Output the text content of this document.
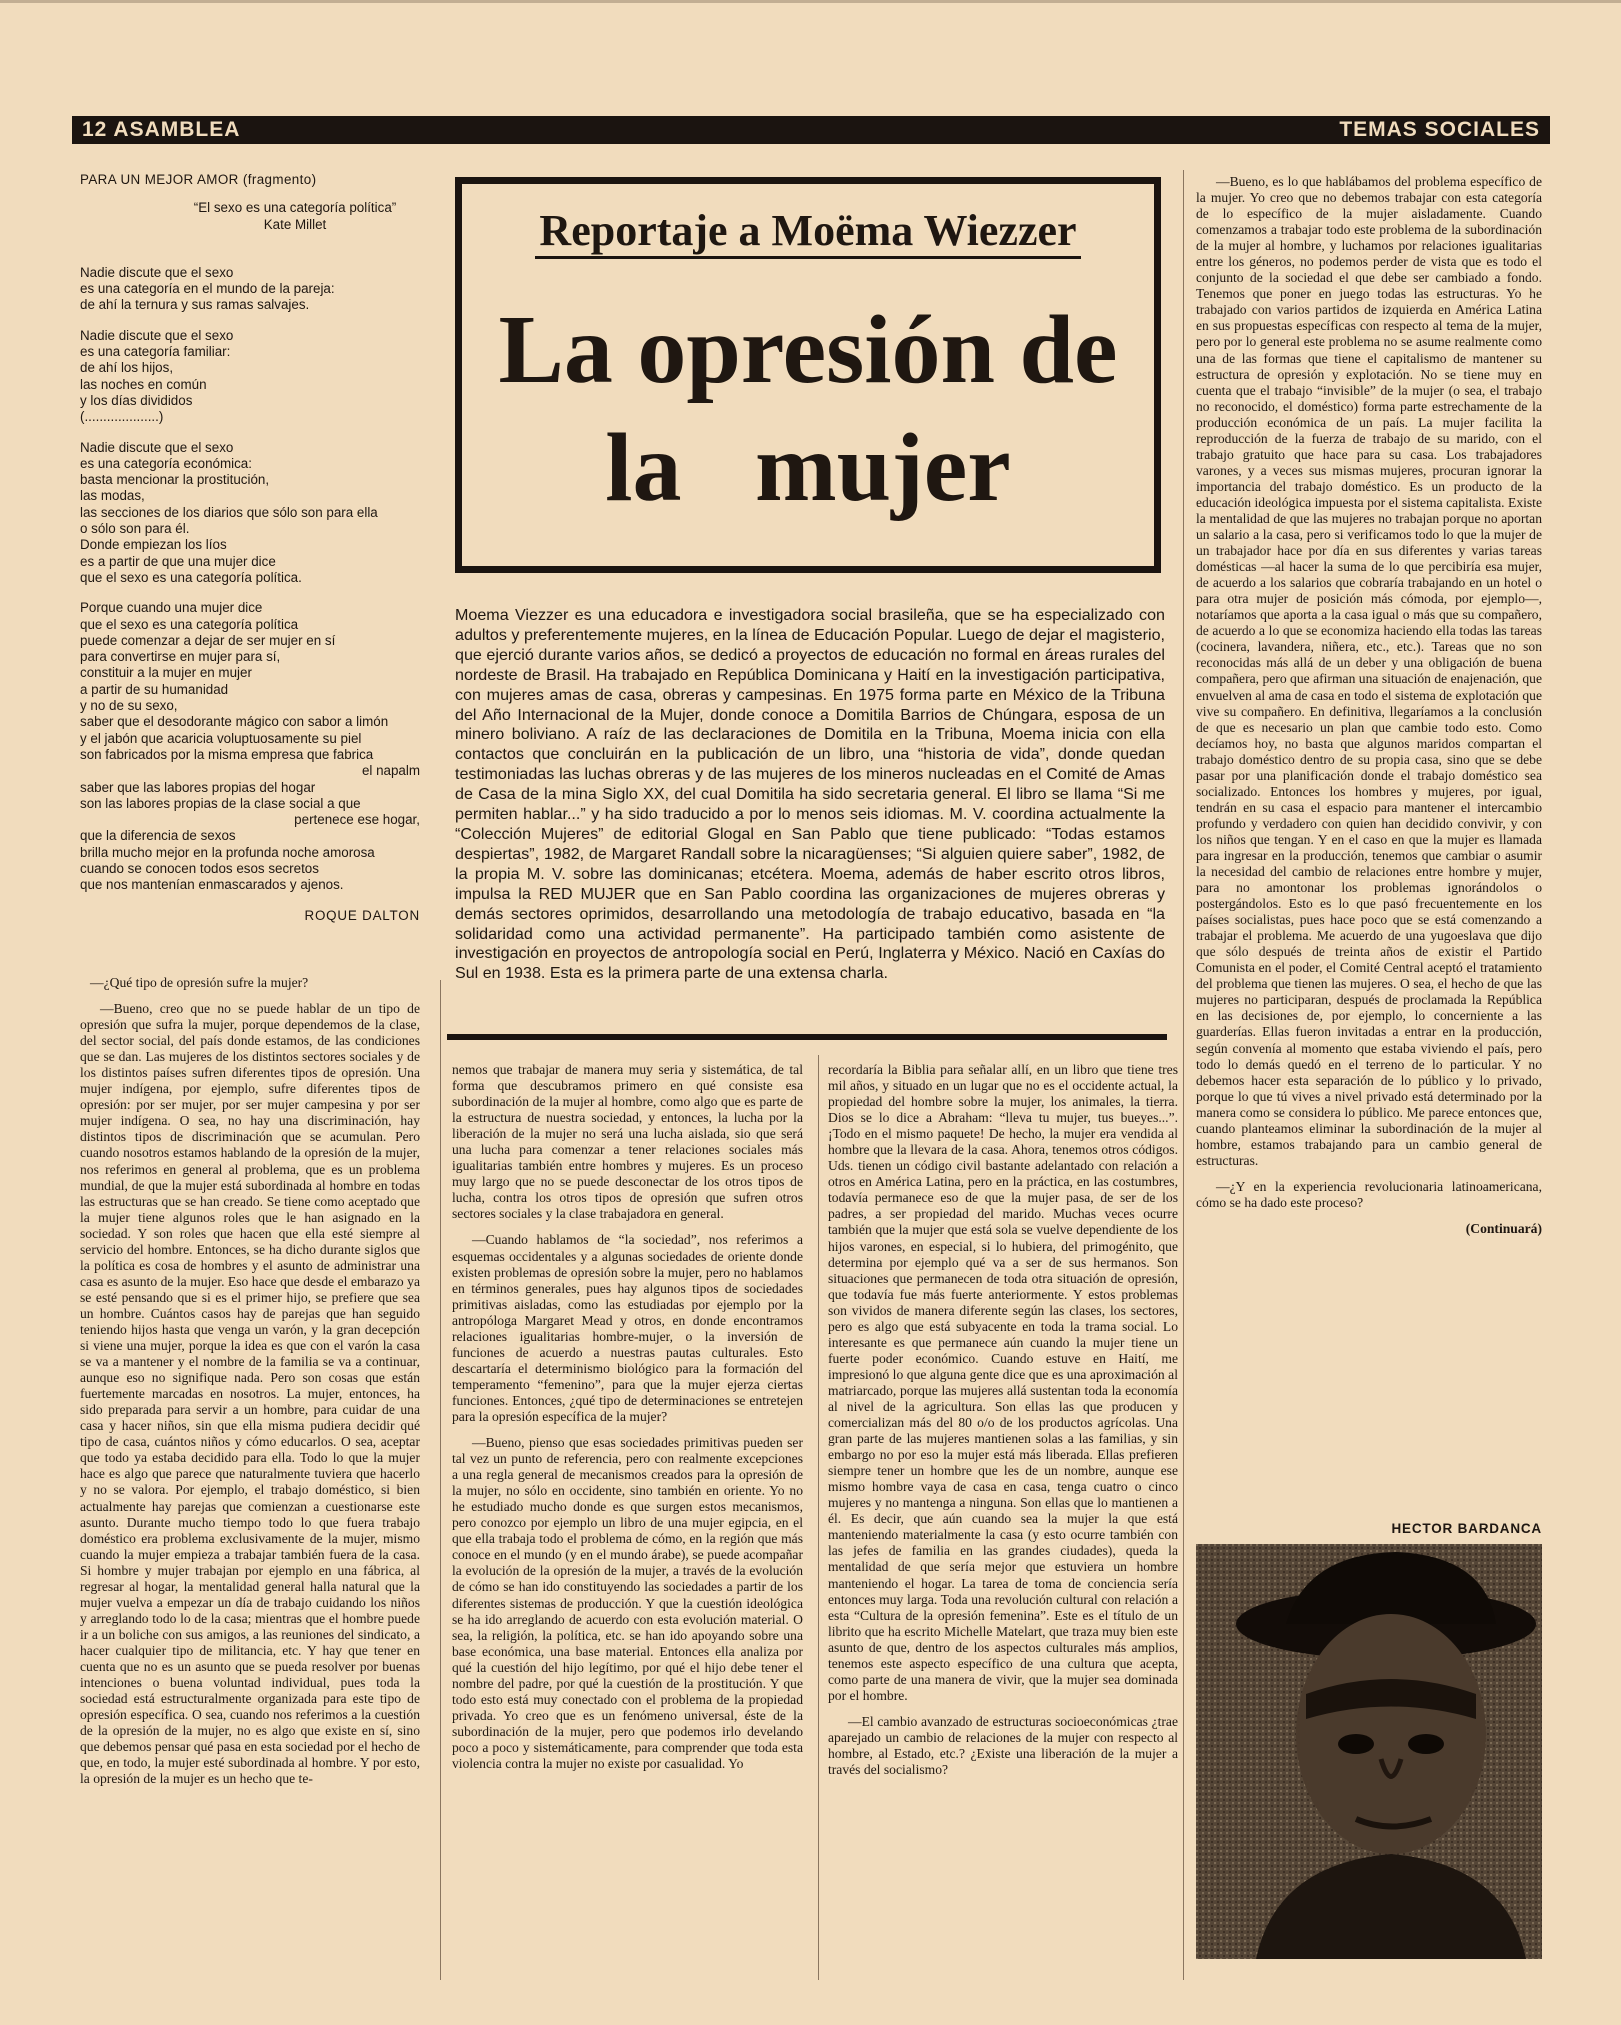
12 ASAMBLEA	TEMAS SOCIALES
PARA UN MEJOR AMOR (fragmento)
“El sexo es una categoría política”
Kate Millet
Nadie discute que el sexo
es una categoría en el mundo de la pareja:
de ahí la ternura y sus ramas salvajes.
Nadie discute que el sexo
es una categoría familiar:
de ahí los hijos,
las noches en común
y los días divididos
(....................)
Nadie discute que el sexo
es una categoría económica:
basta mencionar la prostitución,
las modas,
las secciones de los diarios que sólo son para ella
o sólo son para él.
Donde empiezan los líos
es a partir de que una mujer dice
que el sexo es una categoría política.
Porque cuando una mujer dice
que el sexo es una categoría política
puede comenzar a dejar de ser mujer en sí
para convertirse en mujer para sí,
constituir a la mujer en mujer
a partir de su humanidad
y no de su sexo,
saber que el desodorante mágico con sabor a limón
y el jabón que acaricia voluptuosamente su piel
son fabricados por la misma empresa que fabrica
el napalm
saber que las labores propias del hogar
son las labores propias de la clase social a que
pertenece ese hogar,
que la diferencia de sexos
brilla mucho mejor en la profunda noche amorosa
cuando se conocen todos esos secretos
que nos mantenían enmascarados y ajenos.
ROQUE DALTON
Reportaje a Moëma Wiezzer
La opresión de
la   mujer
Moema Viezzer es una educadora e investigadora social brasileña, que se ha especializado con adultos y preferentemente mujeres, en la línea de Educación Popular. Luego de dejar el magisterio, que ejerció durante varios años, se dedicó a proyectos de educación no formal en áreas rurales del nordeste de Brasil. Ha trabajado en República Dominicana y Haití en la investigación participativa, con mujeres amas de casa, obreras y campesinas. En 1975 forma parte en México de la Tribuna del Año Internacional de la Mujer, donde conoce a Domitila Barrios de Chúngara, esposa de un minero boliviano. A raíz de las declaraciones de Domitila en la Tribuna, Moema inicia con ella contactos que concluirán en la publicación de un libro, una “historia de vida”, donde quedan testimoniadas las luchas obreras y de las mujeres de los mineros nucleadas en el Comité de Amas de Casa de la mina Siglo XX, del cual Domitila ha sido secretaria general. El libro se llama “Si me permiten hablar...” y ha sido traducido a por lo menos seis idiomas. M. V. coordina actualmente la “Colección Mujeres” de editorial Glogal en San Pablo que tiene publicado: “Todas estamos despiertas”, 1982, de Margaret Randall sobre la nicaragüenses; “Si alguien quiere saber”, 1982, de la propia M. V. sobre las dominicanas; etcétera. Moema, además de haber escrito otros libros, impulsa la RED MUJER que en San Pablo coordina las organizaciones de mujeres obreras y demás sectores oprimidos, desarrollando una metodología de trabajo educativo, basada en “la solidaridad como una actividad permanente”. Ha participado también como asistente de investigación en proyectos de antropología social en Perú, Inglaterra y México. Nació en Caxías do Sul en 1938. Esta es la primera parte de una extensa charla.

—¿Qué tipo de opresión sufre la mujer?

—Bueno, creo que no se puede hablar de un tipo de opresión que sufra la mujer, porque dependemos de la clase, del sector social, del país donde estamos, de las condiciones que se dan. Las mujeres de los distintos sectores sociales y de los distintos países sufren diferentes tipos de opresión. Una mujer indígena, por ejemplo, sufre diferentes tipos de opresión: por ser mujer, por ser mujer campesina y por ser mujer indígena. O sea, no hay una discriminación, hay distintos tipos de discriminación que se acumulan. Pero cuando nosotros estamos hablando de la opresión de la mujer, nos referimos en general al problema, que es un problema mundial, de que la mujer está subordinada al hombre en todas las estructuras que se han creado. Se tiene como aceptado que la mujer tiene algunos roles que le han asignado en la sociedad. Y son roles que hacen que ella esté siempre al servicio del hombre. Entonces, se ha dicho durante siglos que la política es cosa de hombres y el asunto de administrar una casa es asunto de la mujer. Eso hace que desde el embarazo ya se esté pensando que si es el primer hijo, se prefiere que sea un hombre. Cuántos casos hay de parejas que han seguido teniendo hijos hasta que venga un varón, y la gran decepción si viene una mujer, porque la idea es que con el varón la casa se va a mantener y el nombre de la familia se va a continuar, aunque eso no signifique nada. Pero son cosas que están fuertemente marcadas en nosotros. La mujer, entonces, ha sido preparada para servir a un hombre, para cuidar de una casa y hacer niños, sin que ella misma pudiera decidir qué tipo de casa, cuántos niños y cómo educarlos. O sea, aceptar que todo ya estaba decidido para ella. Todo lo que la mujer hace es algo que parece que naturalmente tuviera que hacerlo y no se valora. Por ejemplo, el trabajo doméstico, si bien actualmente hay parejas que comienzan a cuestionarse este asunto. Durante mucho tiempo todo lo que fuera trabajo doméstico era problema exclusivamente de la mujer, mismo cuando la mujer empieza a trabajar también fuera de la casa. Si hombre y mujer trabajan por ejemplo en una fábrica, al regresar al hogar, la mentalidad general halla natural que la mujer vuelva a empezar un día de trabajo cuidando los niños y arreglando todo lo de la casa; mientras que el hombre puede ir a un boliche con sus amigos, a las reuniones del sindicato, a hacer cualquier tipo de militancia, etc. Y hay que tener en cuenta que no es un asunto que se pueda resolver por buenas intenciones o buena voluntad individual, pues toda la sociedad está estructuralmente organizada para este tipo de opresión específica. O sea, cuando nos referimos a la cuestión de la opresión de la mujer, no es algo que existe en sí, sino que debemos pensar qué pasa en esta sociedad por el hecho de que, en todo, la mujer esté subordinada al hombre. Y por esto, la opresión de la mujer es un hecho que te-

nemos que trabajar de manera muy seria y sistemática, de tal forma que descubramos primero en qué consiste esa subordinación de la mujer al hombre, como algo que es parte de la estructura de nuestra sociedad, y entonces, la lucha por la liberación de la mujer no será una lucha aislada, sio que será una lucha para comenzar a tener relaciones sociales más igualitarias también entre hombres y mujeres. Es un proceso muy largo que no se puede desconectar de los otros tipos de lucha, contra los otros tipos de opresión que sufren otros sectores sociales y la clase trabajadora en general.

—Cuando hablamos de “la sociedad”, nos referimos a esquemas occidentales y a algunas sociedades de oriente donde existen problemas de opresión sobre la mujer, pero no hablamos en términos generales, pues hay algunos tipos de sociedades primitivas aisladas, como las estudiadas por ejemplo por la antropóloga Margaret Mead y otros, en donde encontramos relaciones igualitarias hombre-mujer, o la inversión de funciones de acuerdo a nuestras pautas culturales. Esto descartaría el determinismo biológico para la formación del temperamento “femenino”, para que la mujer ejerza ciertas funciones. Entonces, ¿qué tipo de determinaciones se entretejen para la opresión específica de la mujer?

—Bueno, pienso que esas sociedades primitivas pueden ser tal vez un punto de referencia, pero con realmente excepciones a una regla general de mecanismos creados para la opresión de la mujer, no sólo en occidente, sino también en oriente. Yo no he estudiado mucho donde es que surgen estos mecanismos, pero conozco por ejemplo un libro de una mujer egipcia, en el que ella trabaja todo el problema de cómo, en la región que más conoce en el mundo (y en el mundo árabe), se puede acompañar la evolución de la opresión de la mujer, a través de la evolución de cómo se han ido constituyendo las sociedades a partir de los diferentes sistemas de producción. Y que la cuestión ideológica se ha ido arreglando de acuerdo con esta evolución material. O sea, la religión, la política, etc. se han ido apoyando sobre una base económica, una base material. Entonces ella analiza por qué la cuestión del hijo legítimo, por qué el hijo debe tener el nombre del padre, por qué la cuestión de la prostitución. Y que todo esto está muy conectado con el problema de la propiedad privada. Yo creo que es un fenómeno universal, éste de la subordinación de la mujer, pero que podemos irlo develando poco a poco y sistemáticamente, para comprender que toda esta violencia contra la mujer no existe por casualidad. Yo

recordaría la Biblia para señalar allí, en un libro que tiene tres mil años, y situado en un lugar que no es el occidente actual, la propiedad del hombre sobre la mujer, los animales, la tierra. Dios se lo dice a Abraham: “lleva tu mujer, tus bueyes...”. ¡Todo en el mismo paquete! De hecho, la mujer era vendida al hombre que la llevara de la casa. Ahora, tenemos otros códigos. Uds. tienen un código civil bastante adelantado con relación a otros en América Latina, pero en la práctica, en las costumbres, todavía permanece eso de que la mujer pasa, de ser de los padres, a ser propiedad del marido. Muchas veces ocurre también que la mujer que está sola se vuelve dependiente de los hijos varones, en especial, si lo hubiera, del primogénito, que determina por ejemplo qué va a ser de sus hermanos. Son situaciones que permanecen de toda otra situación de opresión, que todavía fue más fuerte anteriormente. Y estos problemas son vividos de manera diferente según las clases, los sectores, pero es algo que está subyacente en toda la trama social. Lo interesante es que permanece aún cuando la mujer tiene un fuerte poder económico. Cuando estuve en Haití, me impresionó lo que alguna gente dice que es una aproximación al matriarcado, porque las mujeres allá sustentan toda la economía al nivel de la agricultura. Son ellas las que producen y comercializan más del 80 o/o de los productos agrícolas. Una gran parte de las mujeres mantienen solas a las familias, y sin embargo no por eso la mujer está más liberada. Ellas prefieren siempre tener un hombre que les de un nombre, aunque ese mismo hombre vaya de casa en casa, tenga cuatro o cinco mujeres y no mantenga a ninguna. Son ellas que lo mantienen a él. Es decir, que aún cuando sea la mujer la que está manteniendo materialmente la casa (y esto ocurre también con las jefes de familia en las grandes ciudades), queda la mentalidad de que sería mejor que estuviera un hombre manteniendo el hogar. La tarea de toma de conciencia sería entonces muy larga. Toda una revolución cultural con relación a esta “Cultura de la opresión femenina”. Este es el título de un librito que ha escrito Michelle Matelart, que traza muy bien este asunto de que, dentro de los aspectos culturales más amplios, tenemos este aspecto específico de una cultura que acepta, como parte de una manera de vivir, que la mujer sea dominada por el hombre.

—El cambio avanzado de estructuras socioeconómicas ¿trae aparejado un cambio de relaciones de la mujer con respecto al hombre, al Estado, etc.? ¿Existe una liberación de la mujer a través del socialismo?

—Bueno, es lo que hablábamos del problema específico de la mujer. Yo creo que no debemos trabajar con esta categoría de lo específico de la mujer aisladamente. Cuando comenzamos a trabajar todo este problema de la subordinación de la mujer al hombre, y luchamos por relaciones igualitarias entre los géneros, no podemos perder de vista que es todo el conjunto de la sociedad el que debe ser cambiado a fondo. Tenemos que poner en juego todas las estructuras. Yo he trabajado con varios partidos de izquierda en América Latina en sus propuestas específicas con respecto al tema de la mujer, pero por lo general este problema no se asume realmente como una de las formas que tiene el capitalismo de mantener su estructura de opresión y explotación. No se tiene muy en cuenta que el trabajo “invisible” de la mujer (o sea, el trabajo no reconocido, el doméstico) forma parte estrechamente de la producción económica de un país. La mujer facilita la reproducción de la fuerza de trabajo de su marido, con el trabajo gratuito que hace para su casa. Los trabajadores varones, y a veces sus mismas mujeres, procuran ignorar la importancia del trabajo doméstico. Es un producto de la educación ideológica impuesta por el sistema capitalista. Existe la mentalidad de que las mujeres no trabajan porque no aportan un salario a la casa, pero si verificamos todo lo que la mujer de un trabajador hace por día en sus diferentes y varias tareas domésticas —al hacer la suma de lo que percibiría esa mujer, de acuerdo a los salarios que cobraría trabajando en un hotel o para otra mujer de posición más cómoda, por ejemplo—, notaríamos que aporta a la casa igual o más que su compañero, de acuerdo a lo que se economiza haciendo ella todas las tareas (cocinera, lavandera, niñera, etc., etc.). Tareas que no son reconocidas más allá de un deber y una obligación de buena compañera, pero que afirman una situación de enajenación, que envuelven al ama de casa en todo el sistema de explotación que vive su compañero. En definitiva, llegaríamos a la conclusión de que es necesario un plan que cambie todo esto. Como decíamos hoy, no basta que algunos maridos compartan el trabajo doméstico dentro de su propia casa, sino que se debe pasar por una planificación donde el trabajo doméstico sea socializado. Entonces los hombres y mujeres, por igual, tendrán en su casa el espacio para mantener el intercambio profundo y verdadero con quien han decidido convivir, y con los niños que tengan. Y en el caso en que la mujer es llamada para ingresar en la producción, tenemos que cambiar o asumir la necesidad del cambio de relaciones entre hombre y mujer, para no amontonar los problemas ignorándolos o postergándolos. Esto es lo que pasó frecuentemente en los países socialistas, pues hace poco que se está comenzando a trabajar el problema. Me acuerdo de una yugoeslava que dijo que sólo después de treinta años de existir el Partido Comunista en el poder, el Comité Central aceptó el tratamiento del problema que tienen las mujeres. O sea, el hecho de que las mujeres no participaran, después de proclamada la República en las decisiones de, por ejemplo, lo concerniente a las guarderías. Ellas fueron invitadas a entrar en la producción, según convenía al momento que estaba viviendo el país, pero todo lo demás quedó en el terreno de lo particular. Y no debemos hacer esta separación de lo público y lo privado, porque lo que tú vives a nivel privado está determinado por la manera como se considera lo público. Me parece entonces que, cuando planteamos eliminar la subordinación de la mujer al hombre, estamos trabajando para un cambio general de estructuras.

—¿Y en la experiencia revolucionaria latinoamericana, cómo se ha dado este proceso?

(Continuará)
HECTOR BARDANCA
